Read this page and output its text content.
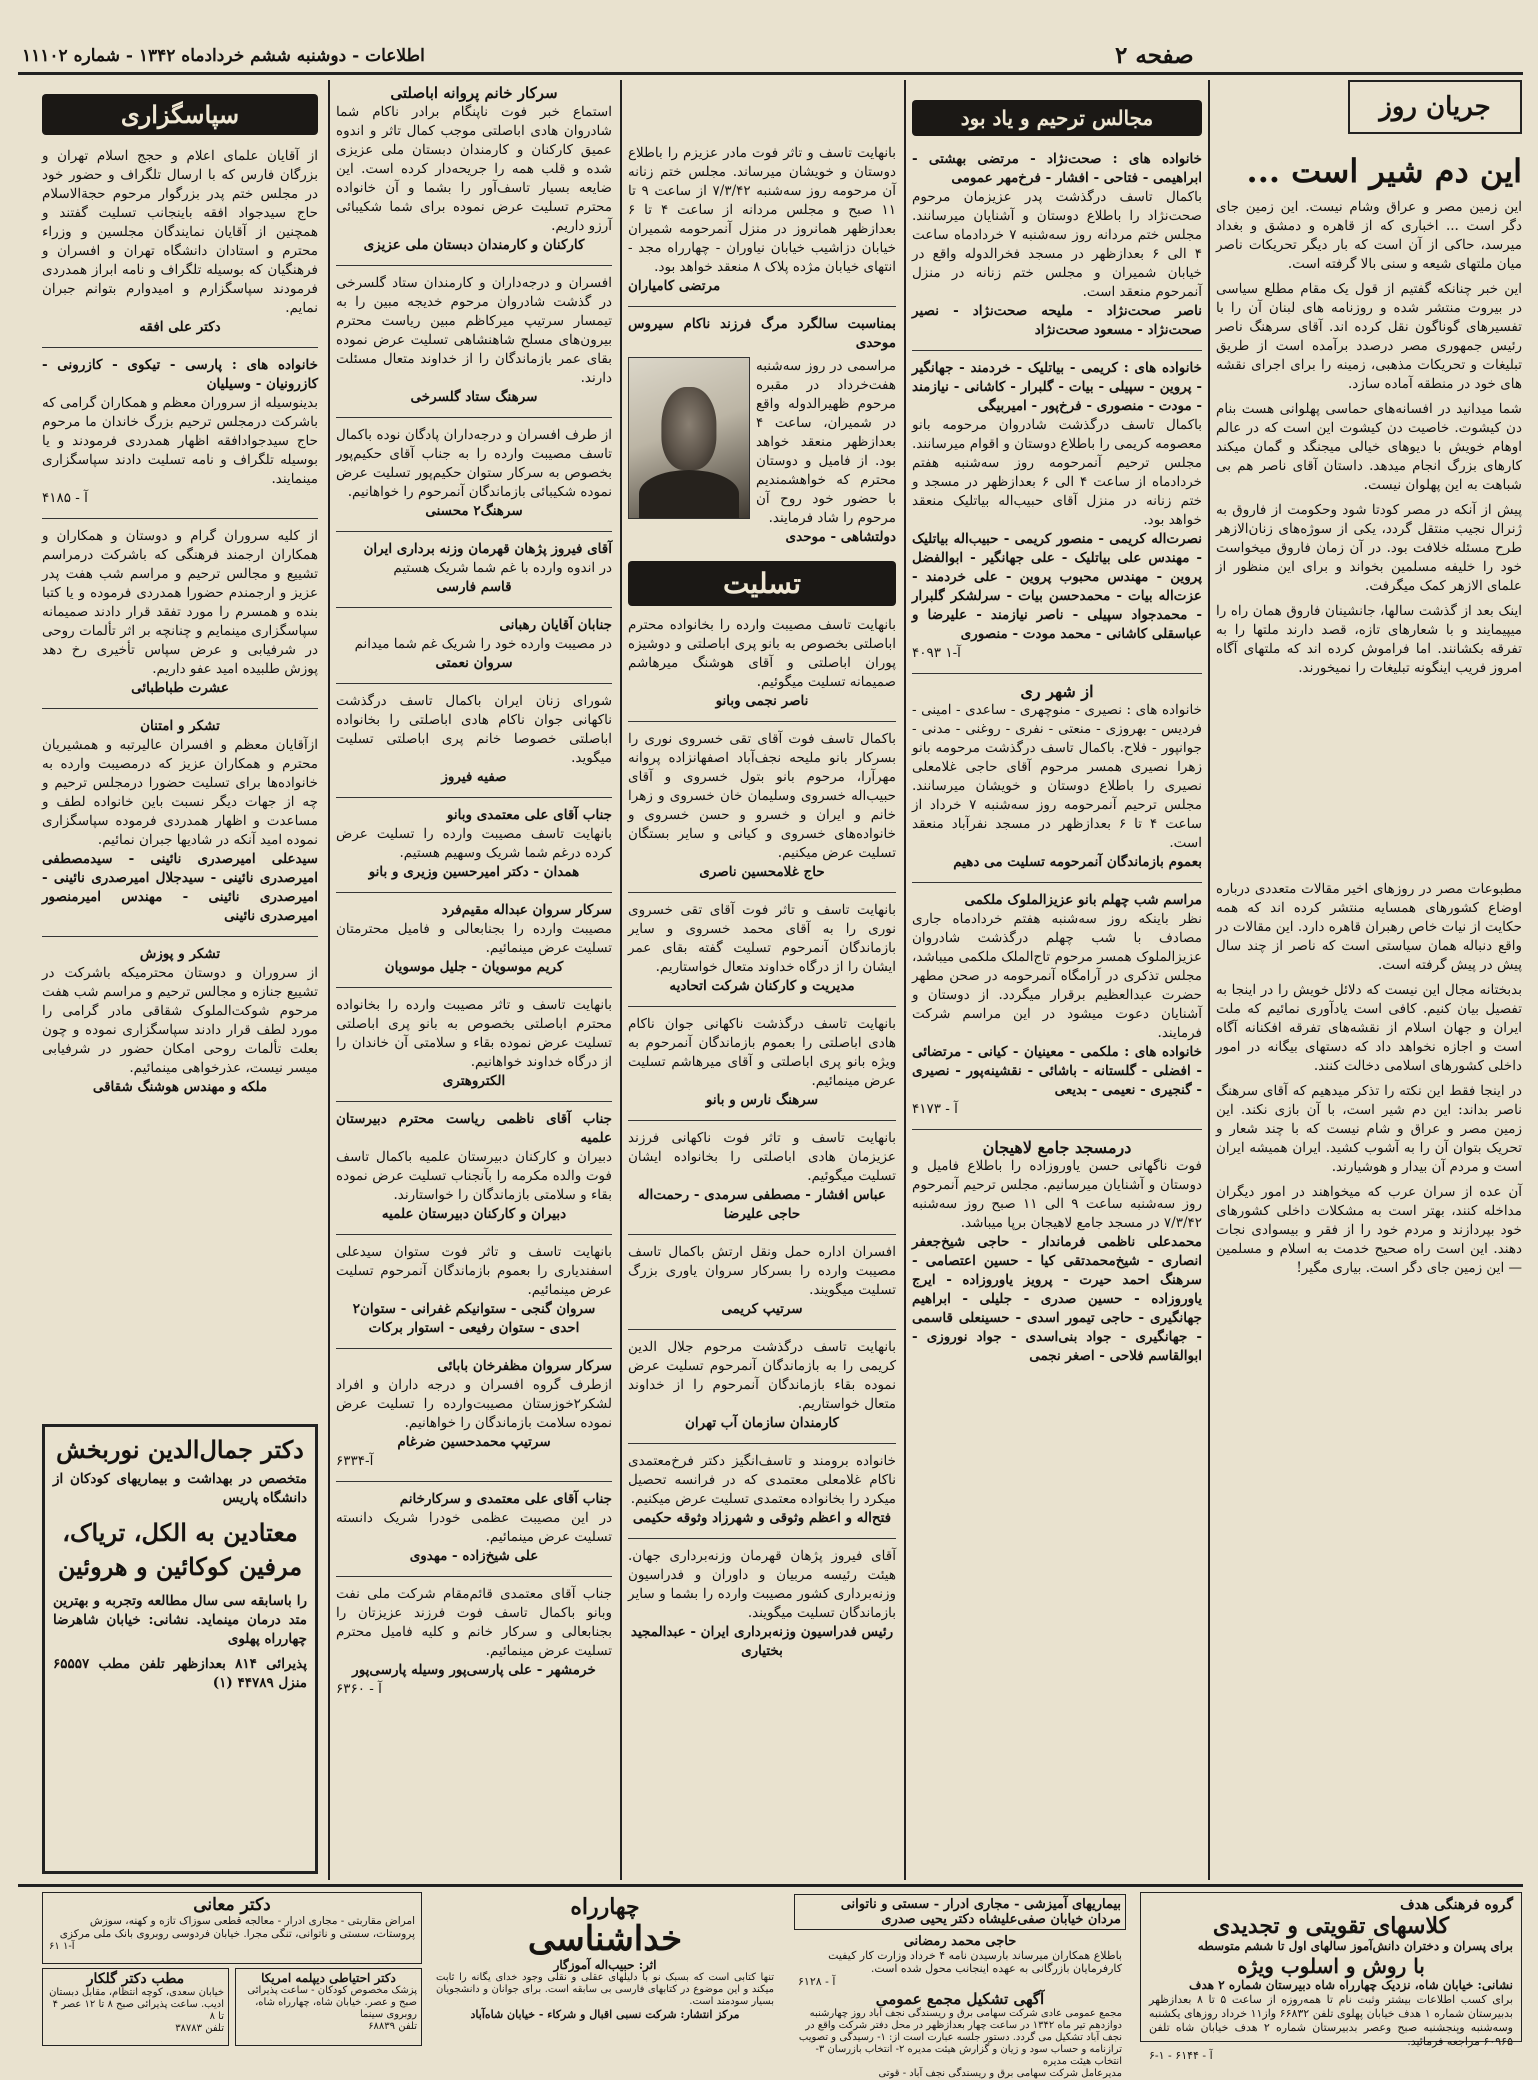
اطلاعات - دوشنبه ششم خردادماه ۱۳۴۲ - شماره ۱۱۱۰۲	صفحه ۲
جریان روز
این دم شیر است ...

این زمین مصر و عراق وشام نیست. این زمین جای دگر است ... اخباری که از قاهره و دمشق و بغداد میرسد، حاکی از آن است که بار دیگر تحریکات ناصر میان ملتهای شیعه و سنی بالا گرفته است.

این خبر چنانکه گفتیم از قول یک مقام مطلع سیاسی در بیروت منتشر شده و روزنامه های لبنان آن را با تفسیرهای گوناگون نقل کرده اند. آقای سرهنگ ناصر رئیس جمهوری مصر درصدد برآمده است از طریق تبلیغات و تحریکات مذهبی، زمینه را برای اجرای نقشه های خود در منطقه آماده سازد.

شما میدانید در افسانه‌های حماسی پهلوانی هست بنام دن کیشوت. خاصیت دن کیشوت این است که در عالم اوهام خویش با دیوهای خیالی میجنگد و گمان میکند کارهای بزرگ انجام میدهد. داستان آقای ناصر هم بی شباهت به این پهلوان نیست.

پیش از آنکه در مصر کودتا شود وحکومت از فاروق به ژنرال نجیب منتقل گردد، یکی از سوژه‌های زنان‌الازهر طرح مسئله خلافت بود. در آن زمان فاروق میخواست خود را خلیفه مسلمین بخواند و برای این منظور از علمای الازهر کمک میگرفت.

اینک بعد از گذشت سالها، جانشینان فاروق همان راه را میپیمایند و با شعارهای تازه، قصد دارند ملتها را به تفرقه بکشانند. اما فراموش کرده اند که ملتهای آگاه امروز فریب اینگونه تبلیغات را نمیخورند.

مطبوعات مصر در روزهای اخیر مقالات متعددی درباره اوضاع کشورهای همسایه منتشر کرده اند که همه حکایت از نیات خاص رهبران قاهره دارد. این مقالات در واقع دنباله همان سیاستی است که ناصر از چند سال پیش در پیش گرفته است.

بدبختانه مجال این نیست که دلائل خویش را در اینجا به تفصیل بیان کنیم. کافی است یادآوری نمائیم که ملت ایران و جهان اسلام از نقشه‌های تفرقه افکنانه آگاه است و اجازه نخواهد داد که دستهای بیگانه در امور داخلی کشورهای اسلامی دخالت کنند.

در اینجا فقط این نکته را تذکر میدهیم که آقای سرهنگ ناصر بداند: این دم شیر است، با آن بازی نکند. این زمین مصر و عراق و شام نیست که با چند شعار و تحریک بتوان آن را به آشوب کشید. ایران همیشه ایران است و مردم آن بیدار و هوشیارند.

آن عده از سران عرب که میخواهند در امور دیگران مداخله کنند، بهتر است به مشکلات داخلی کشورهای خود بپردازند و مردم خود را از فقر و بیسوادی نجات دهند. این است راه صحیح خدمت به اسلام و مسلمین — این زمین جای دگر است. بیاری مگیر!

مجالس ترحیم و یاد بود
خانواده های : صحت‌نژاد - مرتضی بهشتی - ابراهیمی - فتاحی - افشار - فرخ‌مهر عمومی
باکمال تاسف درگذشت پدر عزیزمان مرحوم صحت‌نژاد را باطلاع دوستان و آشنایان میرسانند. مجلس ختم مردانه روز سه‌شنبه ۷ خردادماه ساعت ۴ الی ۶ بعدازظهر در مسجد فخرالدوله واقع در خیابان شمیران و مجلس ختم زنانه در منزل آنمرحوم منعقد است.
ناصر صحت‌نژاد - ملیحه صحت‌نژاد - نصیر صحت‌نژاد - مسعود صحت‌نژاد
خانواده های : کریمی - بیاتلیک - خردمند - جهانگیر - پروین - سپیلی - بیات - گلبرار - کاشانی - نیازمند - مودت - منصوری - فرخ‌پور - امیربیگی
باکمال تاسف درگذشت شادروان مرحومه بانو معصومه کریمی را باطلاع دوستان و اقوام میرسانند. مجلس ترحیم آنمرحومه روز سه‌شنبه هفتم خردادماه از ساعت ۴ الی ۶ بعدازظهر در مسجد و ختم زنانه در منزل آقای حبیب‌اله بیاتلیک منعقد خواهد بود.
نصرت‌اله کریمی - منصور کریمی - حبیب‌اله بیاتلیک - مهندس علی بیاتلیک - علی جهانگیر - ابوالفضل پروین - مهندس محبوب پروین - علی خردمند - عزت‌اله بیات - محمدحسن بیات - سرلشکر گلبرار - محمدجواد سپیلی - ناصر نیازمند - علیرضا و عباسقلی کاشانی - محمد مودت - منصوری
آ-۱ ۴۰۹۳
از شهر ری
خانواده های : نصیری - منوچهری - ساعدی - امینی - فردیس - بهروزی - منعتی - نفری - روغنی - مدنی - جوانپور - فلاح. باکمال تاسف درگذشت مرحومه بانو زهرا نصیری همسر مرحوم آقای حاجی غلامعلی نصیری را باطلاع دوستان و خویشان میرسانند. مجلس ترحیم آنمرحومه روز سه‌شنبه ۷ خرداد از ساعت ۴ تا ۶ بعدازظهر در مسجد نفرآباد منعقد است.
بعموم بازماندگان آنمرحومه تسلیت می دهیم
مراسم شب چهلم بانو عزیزالملوک ملکمی
نظر باینکه روز سه‌شنبه هفتم خردادماه جاری مصادف با شب چهلم درگذشت شادروان عزیزالملوک همسر مرحوم تاج‌الملک ملکمی میباشد، مجلس تذکری در آرامگاه آنمرحومه در صحن مطهر حضرت عبدالعظیم برقرار میگردد. از دوستان و آشنایان دعوت میشود در این مراسم شرکت فرمایند.
خانواده های : ملکمی - معینیان - کیانی - مرتضائی - افضلی - گلستانه - باشائی - نقشینه‌پور - نصیری - گنجیری - نعیمی - بدیعی
آ - ۴۱۷۳
درمسجد جامع لاهیجان
فوت ناگهانی حسن یاوروزاده را باطلاع فامیل و دوستان و آشنایان میرسانیم. مجلس ترحیم آنمرحوم روز سه‌شنبه ساعت ۹ الی ۱۱ صبح روز سه‌شنبه ۷/۳/۴۲ در مسجد جامع لاهیجان برپا میباشد.
محمدعلی ناظمی فرماندار - حاجی شیخ‌جعفر انصاری - شیخ‌محمدتقی کیا - حسین اعتصامی - سرهنگ احمد حیرت - پرویز یاوروزاده - ایرج یاوروزاده - حسین صدری - جلیلی - ابراهیم جهانگیری - حاجی تیمور اسدی - حسینعلی قاسمی - جهانگیری - جواد بنی‌اسدی - جواد نوروزی - ابوالقاسم فلاحی - اصغر نجمی
بانهایت تاسف و تاثر فوت مادر عزیزم را باطلاع دوستان و خویشان میرساند. مجلس ختم زنانه آن مرحومه روز سه‌شنبه ۷/۳/۴۲ از ساعت ۹ تا ۱۱ صبح و مجلس مردانه از ساعت ۴ تا ۶ بعدازظهر همانروز در منزل آنمرحومه شمیران خیابان دزاشیب خیابان نیاوران - چهارراه مجد - انتهای خیابان مژده پلاک ۸ منعقد خواهد بود.
مرتضی کامیاران
بمناسبت سالگرد مرگ فرزند ناکام سیروس موحدی
مراسمی در روز سه‌شنبه هفت‌خرداد در مقبره مرحوم ظهیرالدوله واقع در شمیران، ساعت ۴ بعدازظهر منعقد خواهد بود. از فامیل و دوستان محترم که خواهشمندیم با حضور خود روح آن مرحوم را شاد فرمایند.
دولتشاهی - موحدی
تسلیت
بانهایت تاسف مصیبت وارده را بخانواده محترم اباصلتی بخصوص به بانو پری اباصلتی و دوشیزه پوران اباصلتی و آقای هوشنگ میرهاشم صمیمانه تسلیت میگوئیم.
ناصر نجمی وبانو
باکمال تاسف فوت آقای تقی خسروی نوری را بسرکار بانو ملیحه نجف‌آباد اصفهانزاده پروانه مهرآرا، مرحوم بانو بتول خسروی و آقای حبیب‌اله خسروی وسلیمان خان خسروی و زهرا خانم و ایران و خسرو و حسن خسروی و خانواده‌های خسروی و کیانی و سایر بستگان تسلیت عرض میکنیم.
حاج غلامحسین ناصری
بانهایت تاسف و تاثر فوت آقای تقی خسروی نوری را به آقای محمد خسروی و سایر بازماندگان آنمرحوم تسلیت گفته بقای عمر ایشان را از درگاه خداوند متعال خواستاریم.
مدیریت و کارکنان شرکت اتحادیه
بانهایت تاسف درگذشت ناکهانی جوان ناکام هادی اباصلتی را بعموم بازماندگان آنمرحوم به ویژه بانو پری اباصلتی و آقای میرهاشم تسلیت عرض مینمائیم.
سرهنگ نارس و بانو
بانهایت تاسف و تاثر فوت ناکهانی فرزند عزیزمان هادی اباصلتی را بخانواده ایشان تسلیت میگوئیم.
عباس افشار - مصطفی سرمدی - رحمت‌اله حاجی علیرضا
افسران اداره حمل ونقل ارتش باکمال تاسف مصیبت وارده را بسرکار سروان یاوری بزرگ تسلیت میگویند.
سرتیپ کریمی
بانهایت تاسف درگذشت مرحوم جلال الدین کریمی را به بازماندگان آنمرحوم تسلیت عرض نموده بقاء بازماندگان آنمرحوم را از خداوند متعال خواستاریم.
کارمندان سازمان آب تهران
خانواده برومند و تاسف‌انگیز دکتر فرخ‌معتمدی ناکام غلامعلی معتمدی که در فرانسه تحصیل میکرد را بخانواده معتمدی تسلیت عرض میکنیم.
فتح‌اله و اعظم وثوقی و شهرزاد وثوقه حکیمی
آقای فیروز پژهان قهرمان وزنه‌برداری جهان. هیئت رئیسه مربیان و داوران و فدراسیون وزنه‌برداری کشور مصیبت وارده را بشما و سایر بازماندگان تسلیت میگویند.
رئیس فدراسیون وزنه‌برداری ایران - عبدالمجید بختیاری
سرکار خانم پروانه اباصلتی
استماع خبر فوت ناپنگام برادر ناکام شما شادروان هادی اباصلتی موجب کمال تاثر و اندوه عمیق کارکنان و کارمندان دبستان ملی عزیزی شده و قلب همه را جریحه‌دار کرده است. این ضایعه بسیار تاسف‌آور را بشما و آن خانواده محترم تسلیت عرض نموده برای شما شکیبائی آرزو داریم.
کارکنان و کارمندان دبستان ملی عزیزی
افسران و درجه‌داران و کارمندان ستاد گلسرخی در گذشت شادروان مرحوم خدیجه مبین را به تیمسار سرتیپ میرکاظم مبین ریاست محترم بیرون‌های مسلح شاهنشاهی تسلیت عرض نموده بقای عمر بازماندگان را از خداوند متعال مسئلت دارند.
سرهنگ ستاد گلسرخی
از طرف افسران و درجه‌داران پادگان نوده باکمال تاسف مصیبت وارده را به جناب آقای حکیم‌پور بخصوص به سرکار ستوان حکیم‌پور تسلیت عرض نموده شکیبائی بازماندگان آنمرحوم را خواهانیم.
سرهنگ۲ محسنی
آقای فیروز پژهان قهرمان وزنه برداری ایران
در اندوه وارده با غم شما شریک هستیم
قاسم فارسی
جنابان آقایان رهبانی
در مصیبت وارده خود را شریک غم شما میدانم
سروان نعمتی
شورای زنان ایران باکمال تاسف درگذشت ناکهانی جوان ناکام هادی اباصلتی را بخانواده اباصلتی خصوصا خانم پری اباصلتی تسلیت میگوید.
صفیه فیروز
جناب آقای علی معتمدی وبانو
بانهایت تاسف مصیبت وارده را تسلیت عرض کرده درغم شما شریک وسهیم هستیم.
همدان - دکتر امیرحسین وزیری و بانو
سرکار سروان عبداله مقیم‌فرد
مصیبت وارده را بجنابعالی و فامیل محترمتان تسلیت عرض مینمائیم.
کریم موسویان - جلیل موسویان
بانهایت تاسف و تاثر مصیبت وارده را بخانواده محترم اباصلتی بخصوص به بانو پری اباصلتی تسلیت عرض نموده بقاء و سلامتی آن خاندان را از درگاه خداوند خواهانیم.
الکتروهتری
جناب آقای ناظمی ریاست محترم دبیرستان علمیه
دبیران و کارکنان دبیرستان علمیه باکمال تاسف فوت والده مکرمه را بآنجناب تسلیت عرض نموده بقاء و سلامتی بازماندگان را خواستارند.
دبیران و کارکنان دبیرستان علمیه
بانهایت تاسف و تاثر فوت ستوان سیدعلی اسفندیاری را بعموم بازماندگان آنمرحوم تسلیت عرض مینمائیم.
سروان گنجی - ستوانیکم غفرانی - ستوان۲ احدی - ستوان رفیعی - استوار برکات
سرکار سروان مظفرخان بابائی
ازطرف گروه افسران و درجه داران و افراد لشکر۲خوزستان مصیبت‌وارده را تسلیت عرض نموده سلامت بازماندگان را خواهانیم.
سرتیپ محمدحسین ضرغام
آ-۶۳۳۴
جناب آقای علی معتمدی و سرکارخانم
در این مصیبت عظمی خودرا شریک دانسته تسلیت عرض مینمائیم.
علی شیخ‌زاده - مهدوی
جناب آقای معتمدی قائم‌مقام شرکت ملی نفت وبانو باکمال تاسف فوت فرزند عزیزتان را بجنابعالی و سرکار خانم و کلیه فامیل محترم تسلیت عرض مینمائیم.
خرمشهر - علی پارسی‌پور وسیله پارسی‌پور
آ - ۶۳۶۰
سپاسگزاری
از آقایان علمای اعلام و حجج اسلام تهران و بزرگان فارس که با ارسال تلگراف و حضور خود در مجلس ختم پدر بزرگوار مرحوم حجةالاسلام حاج سیدجواد افقه باینجانب تسلیت گفتند و همچنین از آقایان نمایندگان مجلسین و وزراء محترم و استادان دانشگاه تهران و افسران و فرهنگیان که بوسیله تلگراف و نامه ابراز همدردی فرمودند سپاسگزارم و امیدوارم بتوانم جبران نمایم.
دکتر علی افقه
خانواده های : پارسی - تیکوی - کازرونی - کازرونیان - وسیلیان
بدینوسیله از سروران معظم و همکاران گرامی که باشرکت درمجلس ترحیم بزرگ خاندان ما مرحوم حاج سیدجوادافقه اظهار همدردی فرمودند و یا بوسیله تلگراف و نامه تسلیت دادند سپاسگزاری مینمایند.
آ - ۴۱۸۵
از کلیه سروران گرام و دوستان و همکاران و همکاران ارجمند فرهنگی که باشرکت درمراسم تشییع و مجالس ترحیم و مراسم شب هفت پدر عزیز و ارجمندم حضورا همدردی فرموده و یا کتبا بنده و همسرم را مورد تفقد قرار دادند صمیمانه سپاسگزاری مینمایم و چنانچه بر اثر تألمات روحی در شرفیابی و عرض سپاس تأخیری رخ دهد پوزش طلبیده امید عفو داریم.
عشرت طباطبائی
تشکر و امتنان
ازآقایان معظم و افسران عالیرتبه و همشیریان محترم و همکاران عزیز که درمصیبت وارده به خانواده‌ها برای تسلیت حضورا درمجلس ترحیم و چه از جهات دیگر نسبت باین خانواده لطف و مساعدت و اظهار همدردی فرموده سپاسگزاری نموده امید آنکه در شادیها جبران نمائیم.
سیدعلی امیرصدری نائینی - سیدمصطفی امیرصدری نائینی - سیدجلال امیرصدری نائینی - امیرصدری نائینی - مهندس امیرمنصور امیرصدری نائینی
تشکر و پوزش
از سروران و دوستان محترمیکه باشرکت در تشییع جنازه و مجالس ترحیم و مراسم شب هفت مرحوم شوکت‌الملوک شقاقی مادر گرامی را مورد لطف قرار دادند سپاسگزاری نموده و چون بعلت تألمات روحی امکان حضور در شرفیابی میسر نیست، عذرخواهی مینمائیم.
ملکه و مهندس هوشنگ شقاقی
دکتر جمال‌الدین نوربخش
متخصص در بهداشت و بیماریهای کودکان از دانشگاه پاریس
معتادین به الکل، تریاک، مرفین کوکائین و هروئین
را باسابقه سی سال مطالعه وتجربه و بهترین متد درمان مینماید. نشانی: خیابان شاهرضا چهارراه پهلوی
پذیرائی ۸۱۴ بعدازظهر تلفن مطب ۶۵۵۵۷ منزل ۴۴۷۸۹ (۱)
گروه فرهنگی هدف
کلاسهای تقویتی و تجدیدی
برای پسران و دختران دانش‌آموز سالهای اول تا ششم متوسطه
با روش و اسلوب ویژه
نشانی: خیابان شاه، نزدیک چهارراه شاه دبیرستان شماره ۲ هدف
برای کسب اطلاعات بیشتر وثبت نام تا همه‌روزه از ساعت ۵ تا ۸ بعدازظهر بدبیرستان شماره ۱ هدف خیابان پهلوی تلفن ۶۶۸۳۲ واز۱۱ خرداد روزهای یکشنبه وسه‌شنبه وپنجشنبه صبح وعصر بدبیرستان شماره ۲ هدف خیابان شاه تلفن ۶۰۹۶۵ مراجعه فرمائید.
آ - ۶۱۴۴ - ۱-۶
بیماریهای آمیزشی - مجاری ادرار - سستی و ناتوانی
مردان خیابان صفی‌علیشاه دکتر یحیی صدری
حاجی محمد رمضانی
باطلاع همکاران میرساند بارسیدن نامه ۴ خرداد وزارت کار کیفیت کارفرمایان بازرگانی به عهده اینجانب محول شده است.
آ - ۶۱۲۸
آگهی تشکیل مجمع عمومی
مجمع عمومی عادی شرکت سهامی برق و ریسندگی نجف آباد روز چهارشنبه دوازدهم تیر ماه ۱۳۴۲ در ساعت چهار بعدازظهر در محل دفتر شرکت واقع در نجف آباد تشکیل می گردد. دستور جلسه عبارت است از: ۱- رسیدگی و تصویب ترازنامه و حساب سود و زیان و گزارش هیئت مدیره ۲- انتخاب بازرسان ۳- انتخاب هیئت مدیره
مدیرعامل شرکت سهامی برق و ریسندگی نجف آباد - قوتی
چهارراه
خداشناسی
اثر: حبیب‌اله آموزگار
تنها کتابی است که بسبک نو با دلیلهای عقلی و نقلی وجود خدای یگانه را ثابت میکند و این موضوع در کتابهای فارسی بی سابقه است. برای جوانان و دانشجویان بسیار سودمند است.
مرکز انتشار: شرکت نسبی اقبال و شرکاء - خیابان شاه‌آباد
دکتر معانی
امراض مقاربتی - مجاری ادرار - معالجه قطعی سوزاک تازه و کهنه، سوزش پروستات، سستی و ناتوانی، تنگی مجرا. خیابان فردوسی روبروی بانک ملی مرکزی
آ-۱ ۶۱
دکتر احتیاطی دیپلمه امریکا
پزشک مخصوص کودکان - ساعت پذیرائی صبح و عصر. خیابان شاه، چهارراه شاه، روبروی سینما
تلفن ۶۸۸۳۹
مطب دکتر گلکار
خیابان سعدی، کوچه انتظام، مقابل دبستان ادیب. ساعت پذیرائی صبح ۸ تا ۱۲ عصر ۴ تا ۸
تلفن ۳۸۷۸۳
